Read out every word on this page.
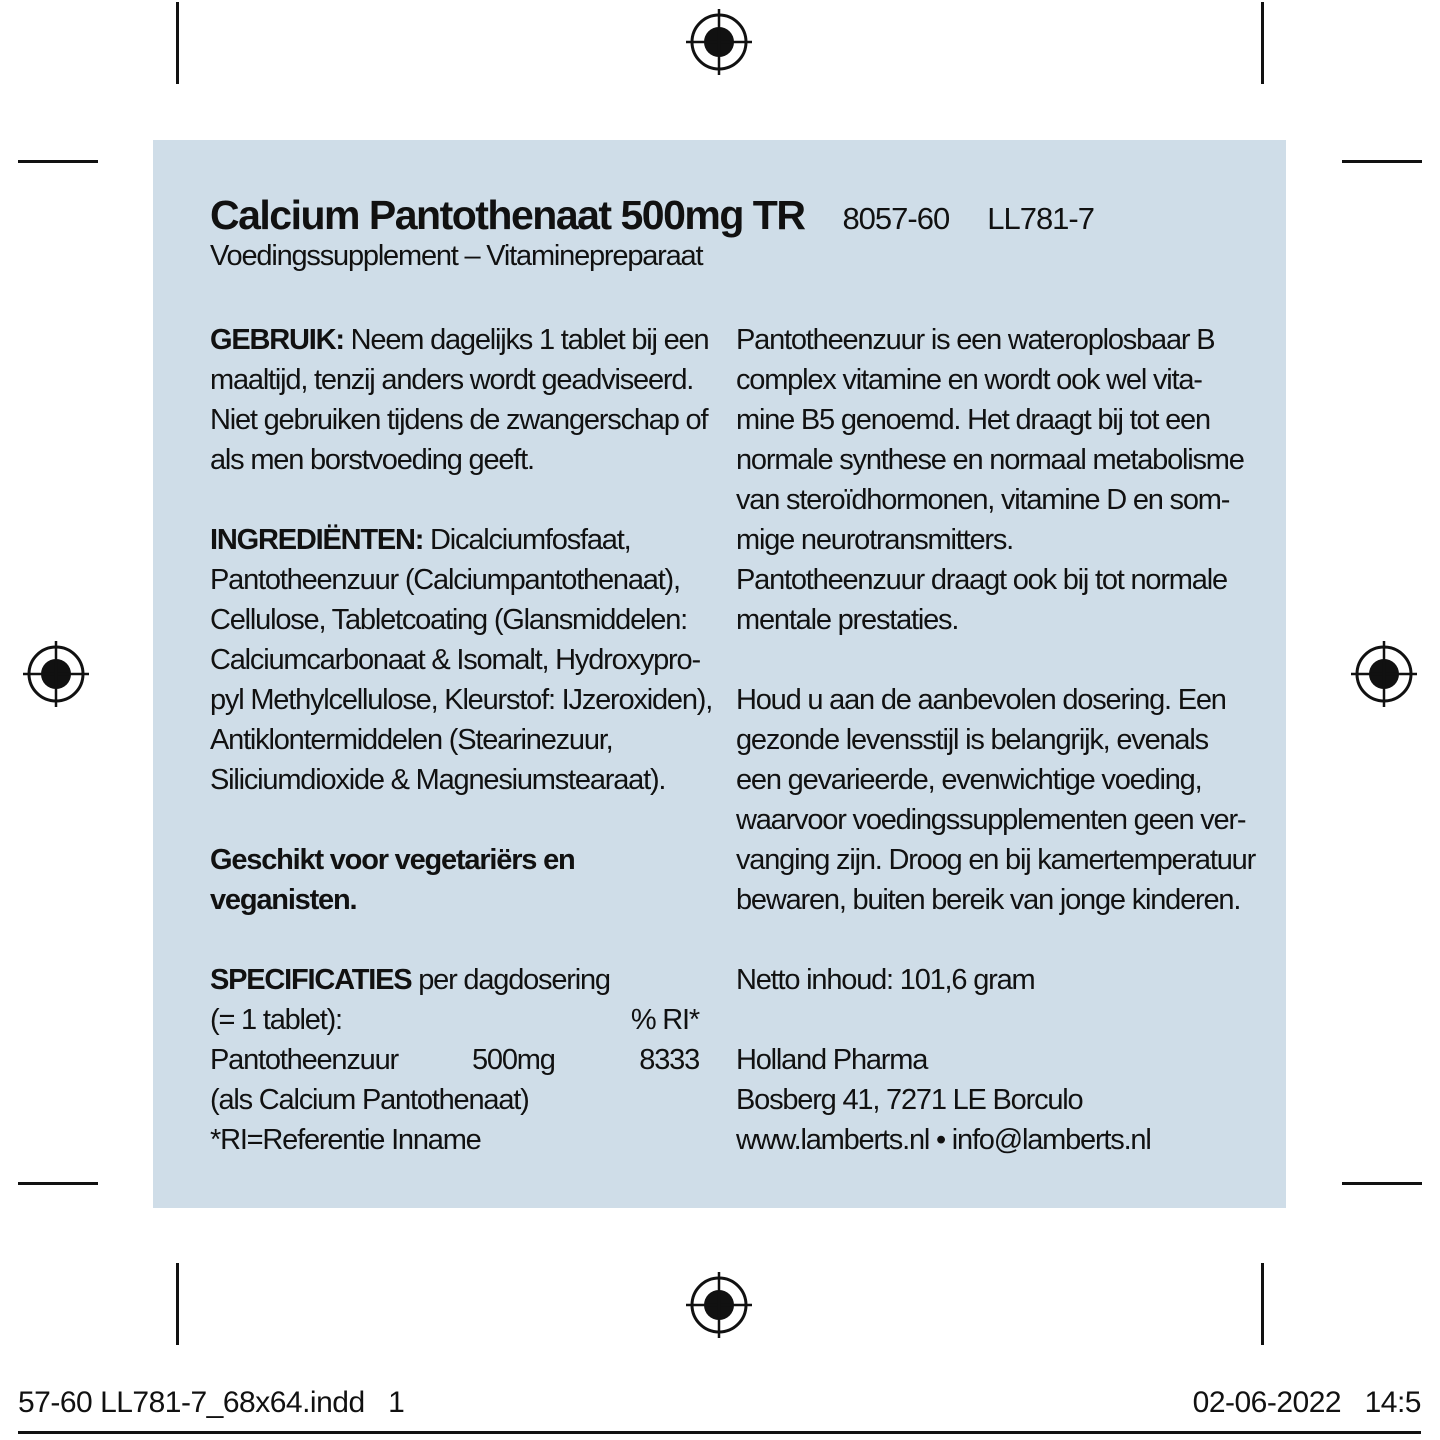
Calcium Pantothenaat 500mg TR 8057-60 LL781-7
Voedingssupplement – Vitaminepreparaat

GEBRUIK: Neem dagelijks 1 tablet bij een

maaltijd, tenzij anders wordt geadviseerd.

Niet gebruiken tijdens de zwangerschap of

als men borstvoeding geeft.

INGREDIËNTEN: Dicalciumfosfaat,

Pantotheenzuur (Calciumpantothenaat),

Cellulose, Tabletcoating (Glansmiddelen:

Calciumcarbonaat & Isomalt, Hydroxypro-

pyl Methylcellulose, Kleurstof: IJzeroxiden),

Antiklontermiddelen (Stearinezuur,

Siliciumdioxide & Magnesiumstearaat).

Geschikt voor vegetariërs en

veganisten.

SPECIFICATIES per dagdosering

(= 1 tablet):	% RI*
Pantotheenzuur	500mg	8333

(als Calcium Pantothenaat)

*RI=Referentie Inname

Pantotheenzuur is een wateroplosbaar B

complex vitamine en wordt ook wel vita-

mine B5 genoemd. Het draagt bij tot een

normale synthese en normaal metabolisme

van steroïdhormonen, vitamine D en som-

mige neurotransmitters.

Pantotheenzuur draagt ook bij tot normale

mentale prestaties.

Houd u aan de aanbevolen dosering. Een

gezonde levensstijl is belangrijk, evenals

een gevarieerde, evenwichtige voeding,

waarvoor voedingssupplementen geen ver-

vanging zijn. Droog en bij kamertemperatuur

bewaren, buiten bereik van jonge kinderen.

Netto inhoud: 101,6 gram

Holland Pharma

Bosberg 41, 7271 LE Borculo

www.lamberts.nl • info@lamberts.nl

57-60 LL781-7_68x64.indd   1	02-06-2022   14:5
